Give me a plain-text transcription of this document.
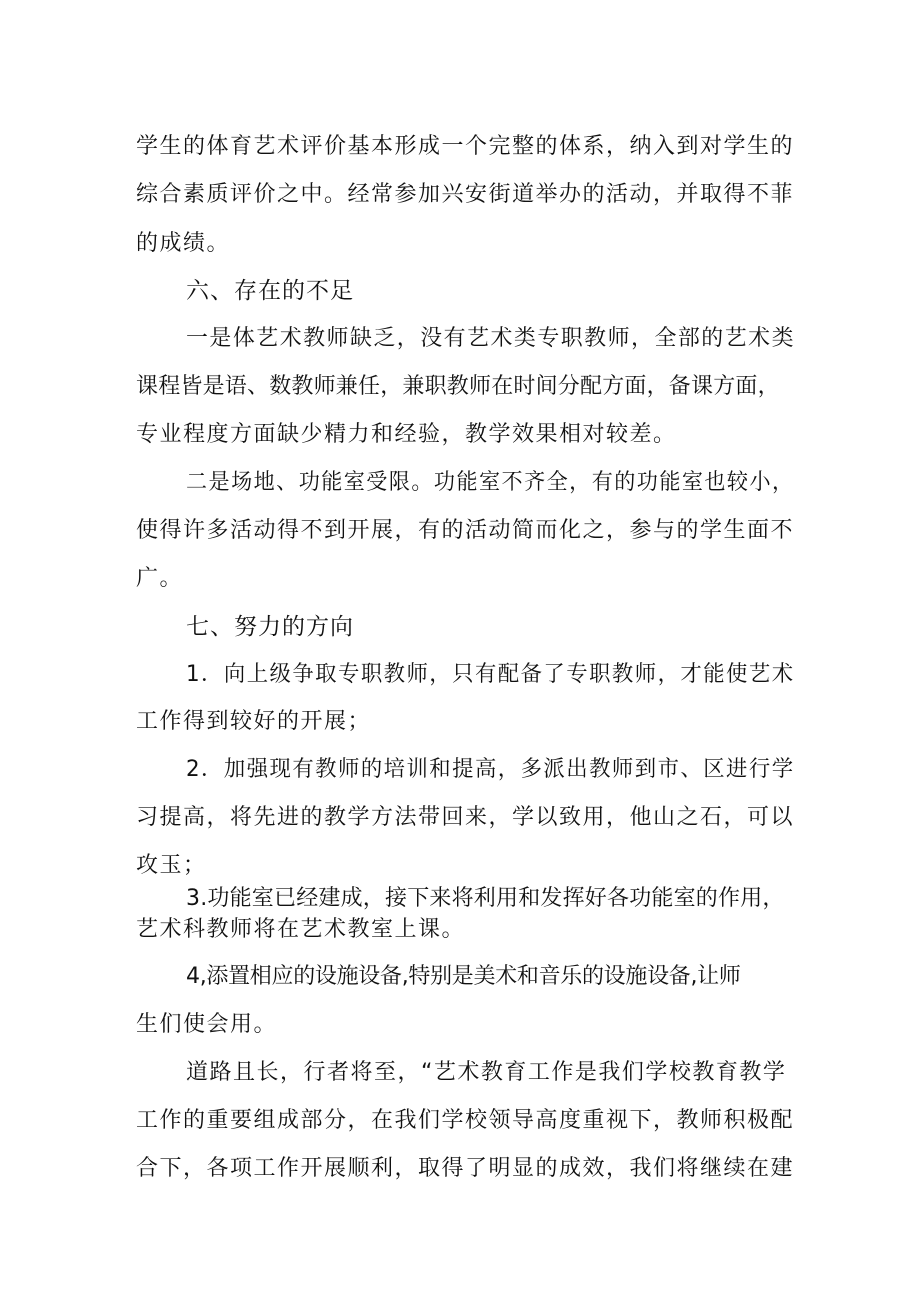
学生的体育艺术评价基本形成一个完整的体系，纳入到对学生的
综合素质评价之中。经常参加兴安街道举办的活动，并取得不菲
的成绩。
六、存在的不足
一是体艺术教师缺乏，没有艺术类专职教师，全部的艺术类
课程皆是语、数教师兼任，兼职教师在时间分配方面，备课方面，
专业程度方面缺少精力和经验，教学效果相对较差。
二是场地、功能室受限。功能室不齐全，有的功能室也较小，
使得许多活动得不到开展，有的活动简而化之，参与的学生面不
广。
七、努力的方向
1．向上级争取专职教师，只有配备了专职教师，才能使艺术
工作得到较好的开展；
2．加强现有教师的培训和提高，多派出教师到市、区进行学
习提高，将先进的教学方法带回来，学以致用，他山之石，可以
攻玉；
3.功能室已经建成，接下来将利用和发挥好各功能室的作用，
艺术科教师将在艺术教室上课。
4,添置相应的设施设备,特别是美术和音乐的设施设备,让师
生们使会用。
道路且长，行者将至，“艺术教育工作是我们学校教育教学
工作的重要组成部分，在我们学校领导高度重视下，教师积极配
合下，各项工作开展顺利，取得了明显的成效，我们将继续在建
